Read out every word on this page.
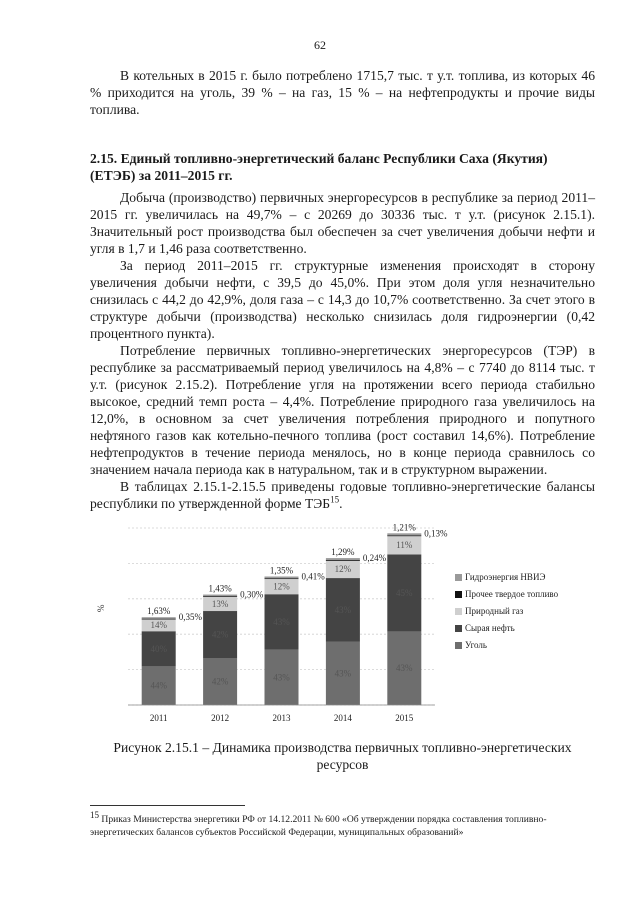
62

В котельных в 2015 г. было потреблено 1715,7 тыс. т у.т. топлива, из которых 46 % приходится на уголь, 39 % – на газ, 15 % – на нефтепродукты и прочие виды топлива.

2.15. Единый топливно-энергетический баланс Республики Саха (Якутия) (ЕТЭБ) за 2011–2015 гг.

Добыча (производство) первичных энергоресурсов в республике за период 2011–2015 гг. увеличилась на 49,7% – с 20269 до 30336 тыс. т у.т. (рисунок 2.15.1). Значительный рост производства был обеспечен за счет увеличения добычи нефти и угля в 1,7 и 1,46 раза соответственно.

За период 2011–2015 гг. структурные изменения происходят в сторону увеличения добычи нефти, с 39,5 до 45,0%. При этом доля угля незначительно снизилась с 44,2 до 42,9%, доля газа – с 14,3 до 10,7% соответственно. За счет этого в структуре добычи (производства) несколько снизилась доля гидроэнергии (0,42 процентного пункта).

Потребление первичных топливно-энергетических энергоресурсов (ТЭР) в республике за рассматриваемый период увеличилось на 4,8% – с 7740 до 8114 тыс. т у.т. (рисунок 2.15.2). Потребление угля на протяжении всего периода стабильно высокое, средний темп роста – 4,4%. Потребление природного газа увеличилось на 12,0%, в основном за счет увеличения потребления природного и попутного нефтяного газов как котельно-печного топлива (рост составил 14,6%). Потребление нефтепродуктов в течение периода менялось, но в конце периода сравнилось со значением начала периода как в натуральном, так и в структурном выражении.

В таблицах 2.15.1-2.15.5 приведены годовые топливно-энергетические балансы республики по утвержденной форме ТЭБ$^{15}$.

44%
40%
14%
1,63%
0,35%
42%
42%
13%
1,43%
0,30%
43%
43%
12%
1,35%
0,41%
43%
43%
12%
1,29%
0,24%
43%
45%
11%
1,21%
0,13%
2011	2012	2013	2014	2015
%
Гидроэнергия НВИЭ
Прочее твердое топливо
Природный газ
Сырая нефть
Уголь
Рисунок 2.15.1 – Динамика производства первичных топливно-энергетических ресурсов
$^{15}$ Приказ Министерства энергетики РФ от 14.12.2011 № 600 «Об утверждении порядка составления топливно-энергетических балансов субъектов Российской Федерации, муниципальных образований»
